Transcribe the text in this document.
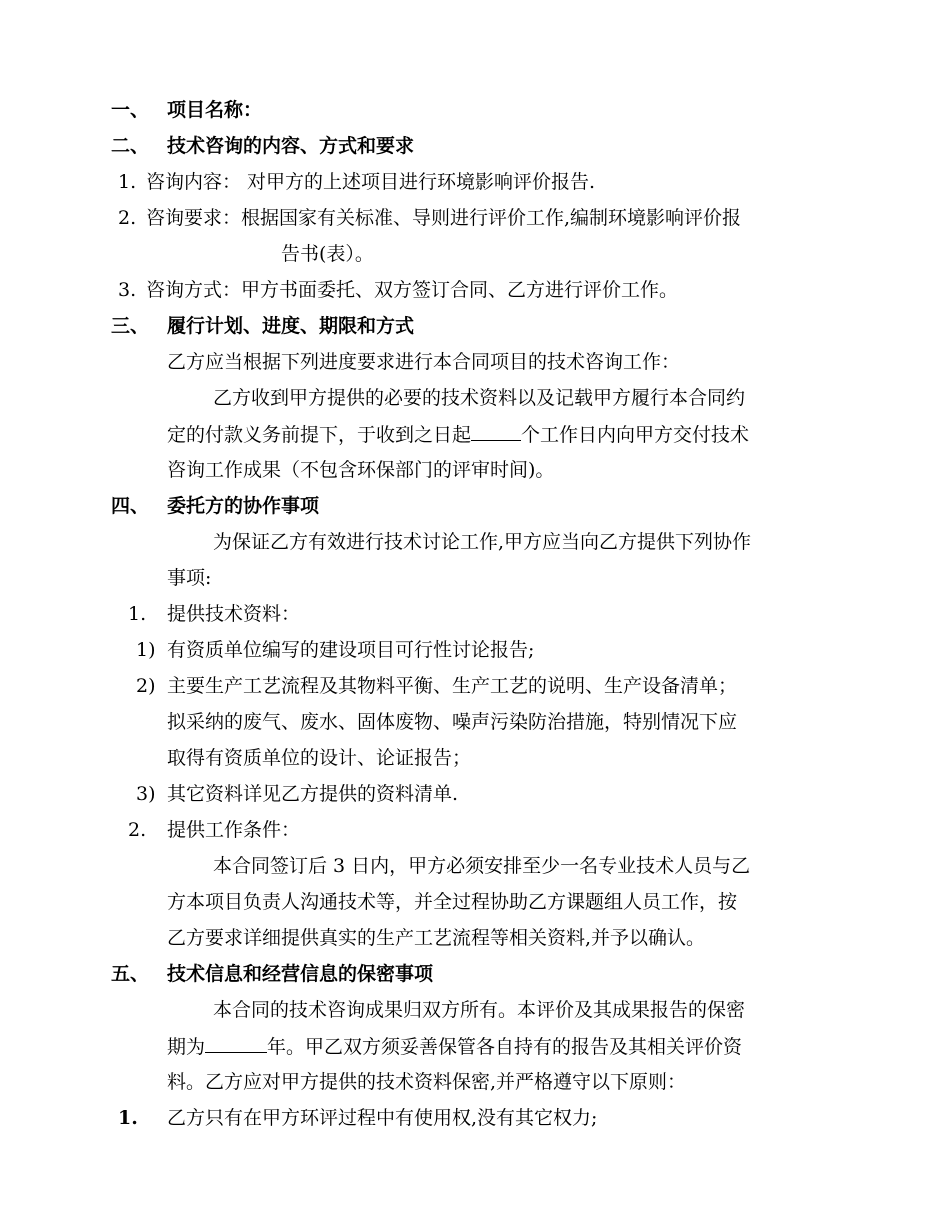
一、 项目名称：
二、 技术咨询的内容、方式和要求
1. 咨询内容： 对甲方的上述项目进行环境影响评价报告.
2. 咨询要求：根据国家有关标准、导则进行评价工作,编制环境影响评价报
告书(表）。
3. 咨询方式：甲方书面委托、双方签订合同、乙方进行评价工作。
三、 履行计划、进度、期限和方式
乙方应当根据下列进度要求进行本合同项目的技术咨询工作：
乙方收到甲方提供的必要的技术资料以及记载甲方履行本合同约
定的付款义务前提下，于收到之日起	个工作日内向甲方交付技术
咨询工作成果（不包含环保部门的评审时间)。
四、 委托方的协作事项
为保证乙方有效进行技术讨论工作,甲方应当向乙方提供下列协作
事项:
1. 提供技术资料：
1) 有资质单位编写的建设项目可行性讨论报告;
2) 主要生产工艺流程及其物料平衡、生产工艺的说明、生产设备清单；
拟采纳的废气、废水、固体废物、噪声污染防治措施，特别情况下应
取得有资质单位的设计、论证报告；
3) 其它资料详见乙方提供的资料清单.
2. 提供工作条件：
本合同签订后 3 日内，甲方必须安排至少一名专业技术人员与乙
方本项目负责人沟通技术等，并全过程协助乙方课题组人员工作，按
乙方要求详细提供真实的生产工艺流程等相关资料,并予以确认。
五、 技术信息和经营信息的保密事项
本合同的技术咨询成果归双方所有。本评价及其成果报告的保密
期为	年。甲乙双方须妥善保管各自持有的报告及其相关评价资
料。乙方应对甲方提供的技术资料保密,并严格遵守以下原则：
1. 乙方只有在甲方环评过程中有使用权,没有其它权力;
